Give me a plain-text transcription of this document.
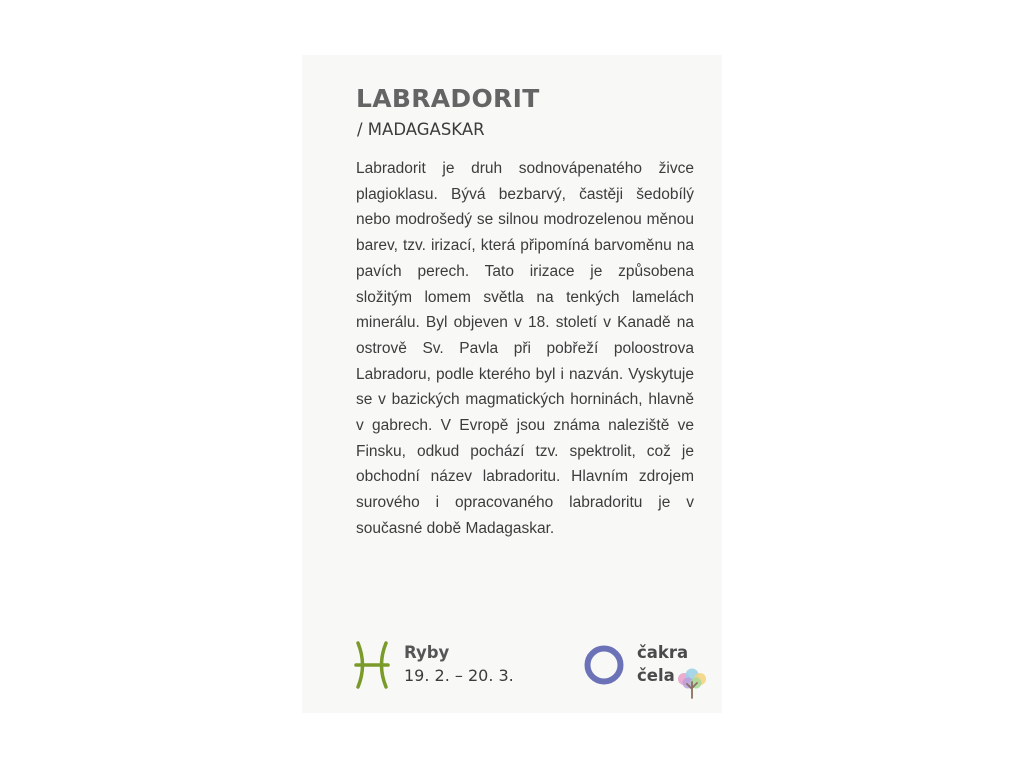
LABRADORIT
/ MADAGASKAR

Labradorit je druh sodnovápenatého živce plagioklasu. Bývá bezbarvý, častěji šedobílý nebo modrošedý se silnou modrozelenou měnou barev, tzv. irizací, která připomíná barvoměnu na pavích perech. Tato irizace je způsobena složitým lomem světla na tenkých lamelách minerálu. Byl objeven v 18. století v Kanadě na ostrově Sv. Pavla při pobřeží poloostrova Labradoru, podle kterého byl i nazván. Vyskytuje se v bazických magmatických horninách, hlavně v gabrech. V Evropě jsou známa naleziště ve Finsku, odkud pochází tzv. spektrolit, což je obchodní název labradoritu. Hlavním zdrojem surového i opracovaného labradoritu je v současné době Madagaskar.

Ryby
19. 2. – 20. 3.
čakra
čela
